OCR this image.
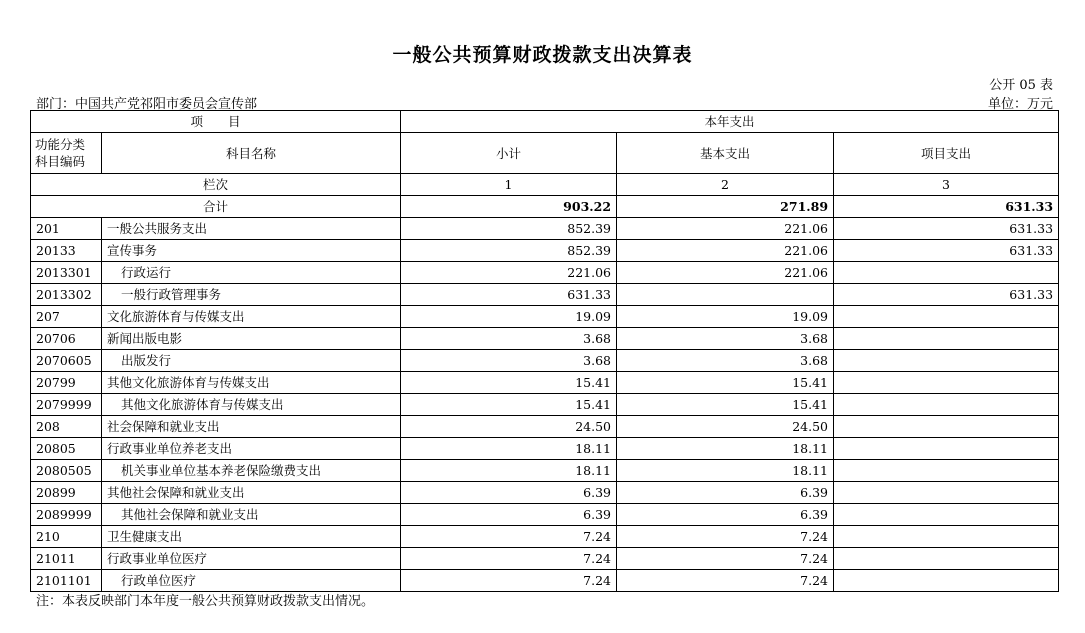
一般公共预算财政拨款支出决算表
公开 05 表
部门：中国共产党祁阳市委员会宣传部	单位：万元
项　　目		本年支出		
功能分类科目编码	科目名称	小计	基本支出	项目支出
栏次		1	2	3
合计		903.22	271.89	631.33
201	一般公共服务支出	852.39	221.06	631.33
20133	宣传事务	852.39	221.06	631.33
2013301	行政运行	221.06	221.06	
2013302	一般行政管理事务	631.33		631.33
207	文化旅游体育与传媒支出	19.09	19.09	
20706	新闻出版电影	3.68	3.68	
2070605	出版发行	3.68	3.68	
20799	其他文化旅游体育与传媒支出	15.41	15.41	
2079999	其他文化旅游体育与传媒支出	15.41	15.41	
208	社会保障和就业支出	24.50	24.50	
20805	行政事业单位养老支出	18.11	18.11	
2080505	机关事业单位基本养老保险缴费支出	18.11	18.11	
20899	其他社会保障和就业支出	6.39	6.39	
2089999	其他社会保障和就业支出	6.39	6.39	
210	卫生健康支出	7.24	7.24	
21011	行政事业单位医疗	7.24	7.24	
2101101	行政单位医疗	7.24	7.24	
注：本表反映部门本年度一般公共预算财政拨款支出情况。
